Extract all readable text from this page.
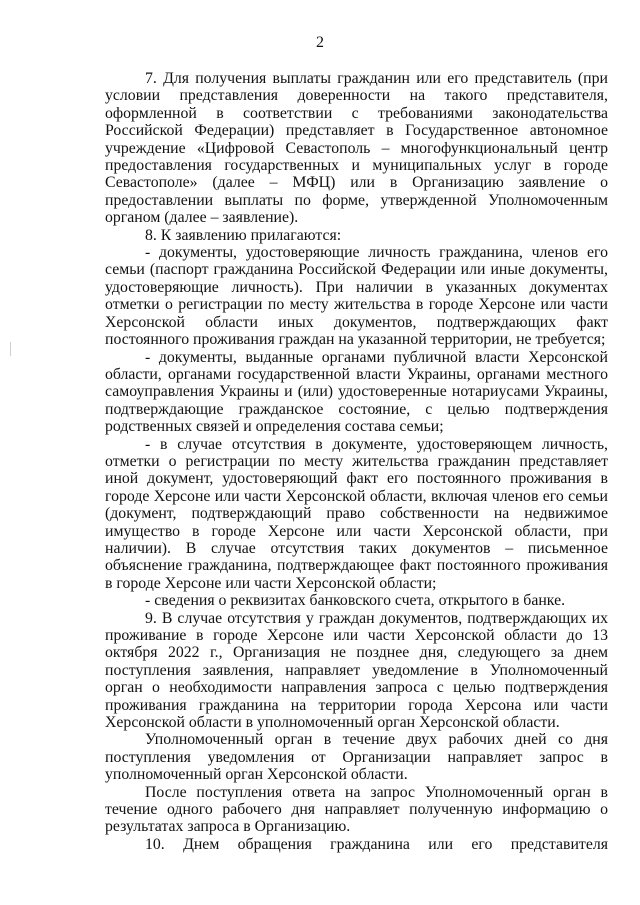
2

7. Для получения выплаты гражданин или его представитель (при условии представления доверенности на такого представителя, оформленной в соответствии с требованиями законодательства Российской Федерации) представляет в Государственное автономное учреждение «Цифровой Севастополь – многофункциональный центр предоставления государственных и муниципальных услуг в городе Севастополе» (далее – МФЦ) или в Организацию заявление о предоставлении выплаты по форме, утвержденной Уполномоченным органом (далее – заявление).

8. К заявлению прилагаются:

- документы, удостоверяющие личность гражданина, членов его семьи (паспорт гражданина Российской Федерации или иные документы, удостоверяющие личность). При наличии в указанных документах отметки о регистрации по месту жительства в городе Херсоне или части Херсонской области иных документов, подтверждающих факт постоянного проживания граждан на указанной территории, не требуется;

- документы, выданные органами публичной власти Херсонской области, органами государственной власти Украины, органами местного самоуправления Украины и (или) удостоверенные нотариусами Украины, подтверждающие гражданское состояние, с целью подтверждения родственных связей и определения состава семьи;

- в случае отсутствия в документе, удостоверяющем личность, отметки о регистрации по месту жительства гражданин представляет иной документ, удостоверяющий факт его постоянного проживания в городе Херсоне или части Херсонской области, включая членов его семьи (документ, подтверждающий право собственности на недвижимое имущество в городе Херсоне или части Херсонской области, при наличии). В случае отсутствия таких документов – письменное объяснение гражданина, подтверждающее факт постоянного проживания в городе Херсоне или части Херсонской области;

- сведения о реквизитах банковского счета, открытого в банке.

9. В случае отсутствия у граждан документов, подтверждающих их проживание в городе Херсоне или части Херсонской области до 13 октября 2022 г., Организация не позднее дня, следующего за днем поступления заявления, направляет уведомление в Уполномоченный орган о необходимости направления запроса с целью подтверждения проживания гражданина на территории города Херсона или части Херсонской области в уполномоченный орган Херсонской области.

Уполномоченный орган в течение двух рабочих дней со дня поступления уведомления от Организации направляет запрос в уполномоченный орган Херсонской области.

После поступления ответа на запрос Уполномоченный орган в течение одного рабочего дня направляет полученную информацию о результатах запроса в Организацию.

10. Днем обращения гражданина или его представителя
